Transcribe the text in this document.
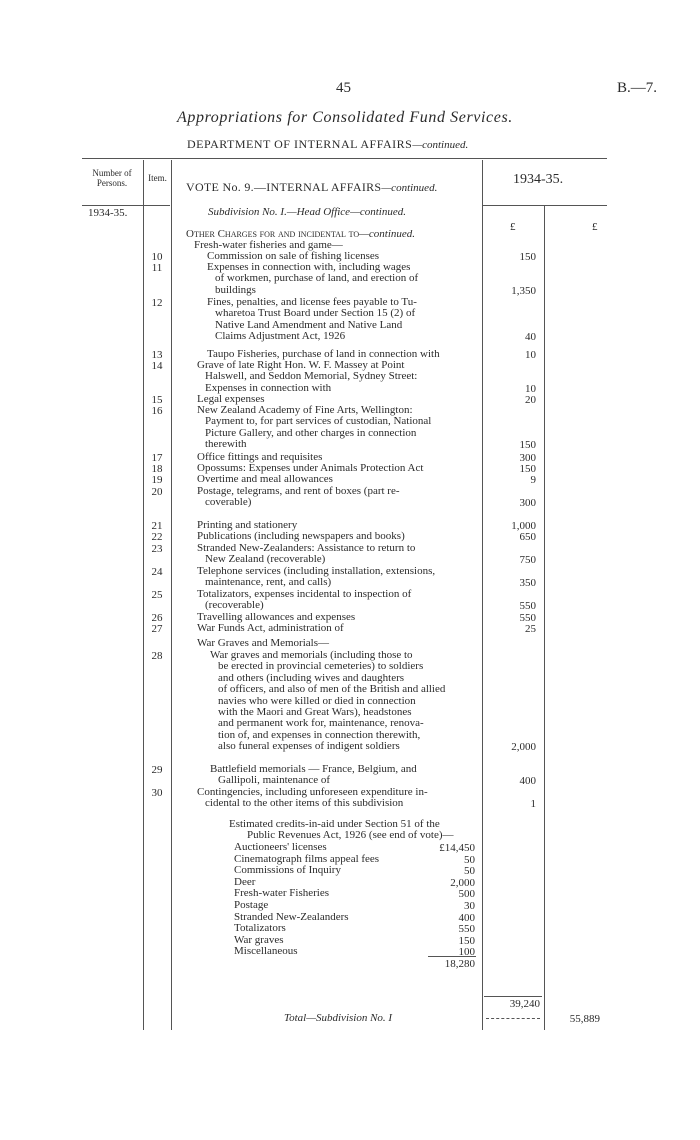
45	B.—7.
Appropriations for Consolidated Fund Services.
DEPARTMENT OF INTERNAL AFFAIRS—continued.
Number of Persons.	Item.
VOTE No. 9.—INTERNAL AFFAIRS—continued.
1934-35.
1934-35.	Subdivision No. I.—Head Office—continued.
£	£
Other Charges for and incidental to—continued.
Fresh-water fisheries and game—
10	Commission on sale of fishing licenses	150
11	Expenses in connection with, including wages
of workmen, purchase of land, and erection of
buildings	1,350
12	Fines, penalties, and license fees payable to Tu-
wharetoa Trust Board under Section 15 (2) of
Native Land Amendment and Native Land
Claims Adjustment Act, 1926	40
13	Taupo Fisheries, purchase of land in connection with	10
14	Grave of late Right Hon. W. F. Massey at Point
Halswell, and Seddon Memorial, Sydney Street:
Expenses in connection with	10
15	Legal expenses	20
16	New Zealand Academy of Fine Arts, Wellington:
Payment to, for part services of custodian, National
Picture Gallery, and other charges in connection
therewith	150
17	Office fittings and requisites	300
18	Opossums: Expenses under Animals Protection Act	150
19	Overtime and meal allowances	9
20	Postage, telegrams, and rent of boxes (part re-
coverable)	300
21	Printing and stationery	1,000
22	Publications (including newspapers and books)	650
23	Stranded New-Zealanders: Assistance to return to
New Zealand (recoverable)	750
24	Telephone services (including installation, extensions,
maintenance, rent, and calls)	350
25	Totalizators, expenses incidental to inspection of
(recoverable)	550
26	Travelling allowances and expenses	550
27	War Funds Act, administration of	25
28	War graves and memorials (including those to
be erected in provincial cemeteries) to soldiers
and others (including wives and daughters
of officers, and also of men of the British and allied
navies who were killed or died in connection
with the Maori and Great Wars), headstones
and permanent work for, maintenance, renova-
tion of, and expenses in connection therewith,
also funeral expenses of indigent soldiers	2,000
29	Battlefield memorials — France, Belgium, and
Gallipoli, maintenance of	400
30	Contingencies, including unforeseen expenditure in-
cidental to the other items of this subdivision	1
War Graves and Memorials—
Estimated credits-in-aid under Section 51 of the
Public Revenues Act, 1926 (see end of vote)—
Auctioneers' licenses	£14,450
Cinematograph films appeal fees	50
Commissions of Inquiry	50
Deer	2,000
Fresh-water Fisheries	500
Postage	30
Stranded New-Zealanders	400
Totalizators	550
War graves	150
Miscellaneous	100
18,280
39,240
Total—Subdivision No. I	55,889
